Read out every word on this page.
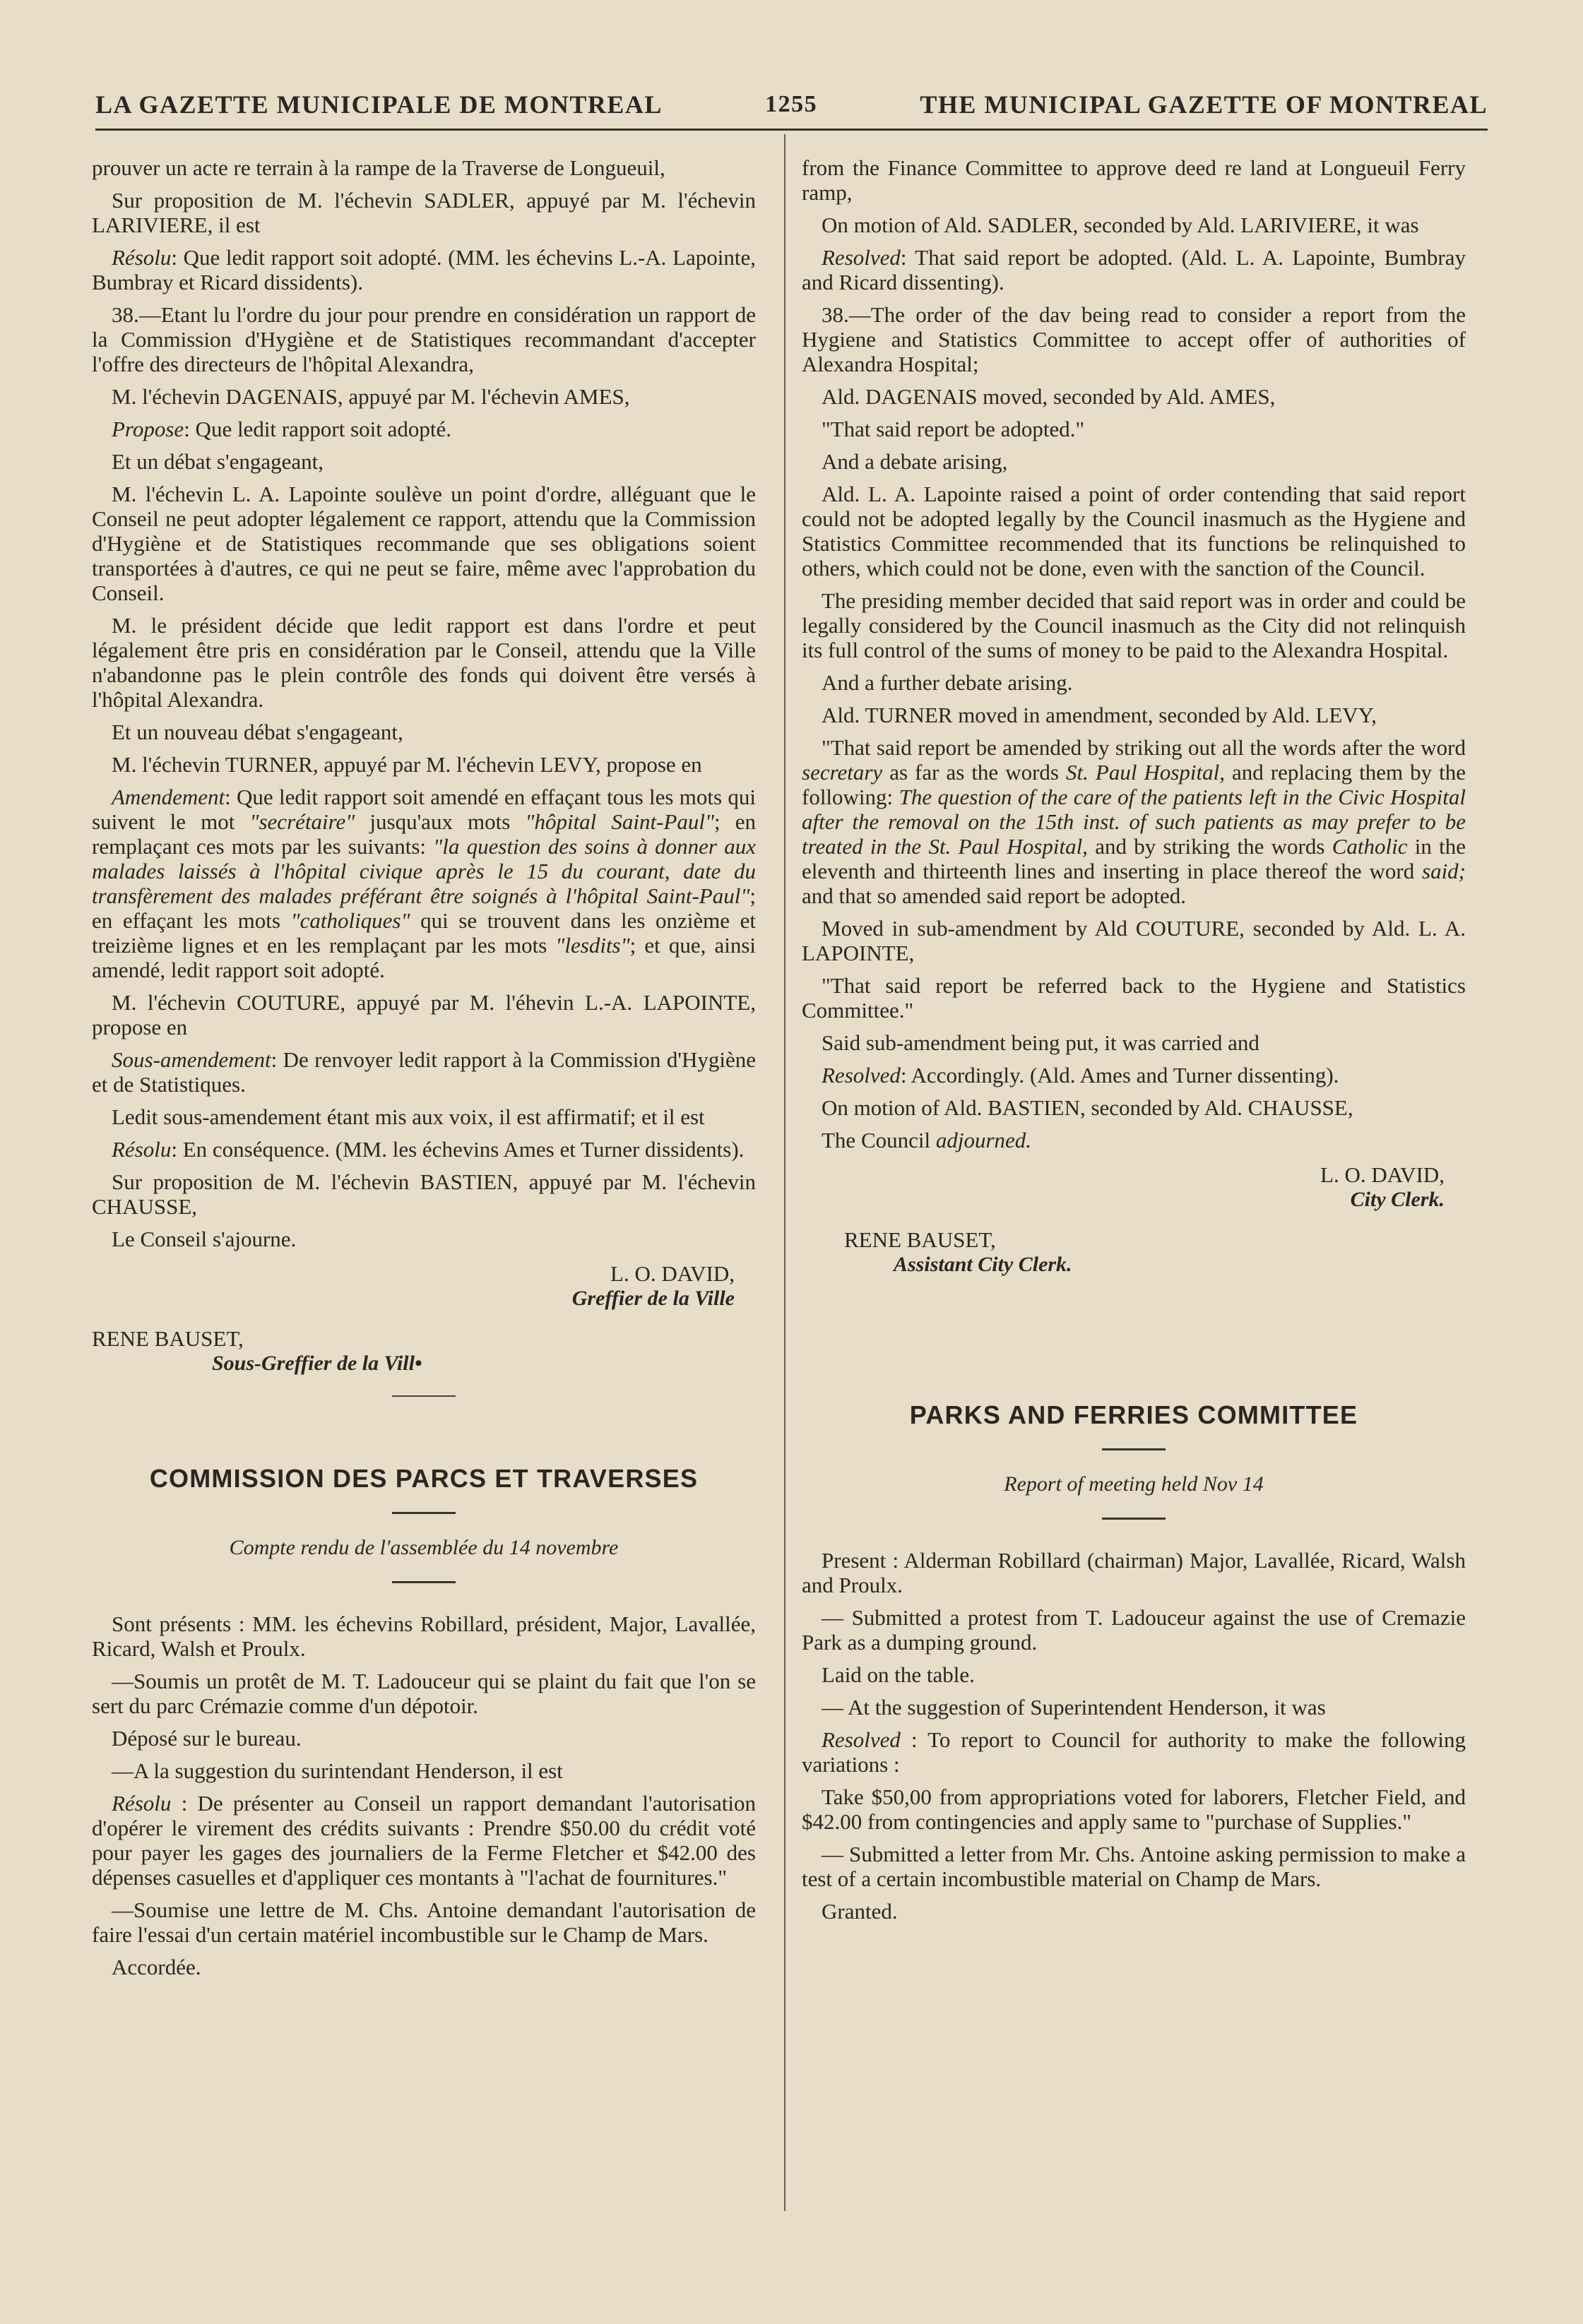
LA GAZETTE MUNICIPALE DE MONTREAL	1255	THE MUNICIPAL GAZETTE OF MONTREAL

prouver un acte re terrain à la rampe de la Traverse de Longueuil,

Sur proposition de M. l'échevin SADLER, appuyé par M. l'échevin LARIVIERE, il est

Résolu: Que ledit rapport soit adopté. (MM. les échevins L.-A. Lapointe, Bumbray et Ricard dissidents).

38.—Etant lu l'ordre du jour pour prendre en considération un rapport de la Commission d'Hygiène et de Statistiques recommandant d'accepter l'offre des directeurs de l'hôpital Alexandra,

M. l'échevin DAGENAIS, appuyé par M. l'échevin AMES,

Propose: Que ledit rapport soit adopté.

Et un débat s'engageant,

M. l'échevin L. A. Lapointe soulève un point d'ordre, alléguant que le Conseil ne peut adopter légalement ce rapport, attendu que la Commission d'Hygiène et de Statistiques recommande que ses obligations soient transportées à d'autres, ce qui ne peut se faire, même avec l'approbation du Conseil.

M. le président décide que ledit rapport est dans l'ordre et peut légalement être pris en considération par le Conseil, attendu que la Ville n'abandonne pas le plein contrôle des fonds qui doivent être versés à l'hôpital Alexandra.

Et un nouveau débat s'engageant,

M. l'échevin TURNER, appuyé par M. l'échevin LEVY, propose en

Amendement: Que ledit rapport soit amendé en effaçant tous les mots qui suivent le mot "secrétaire" jusqu'aux mots "hôpital Saint-Paul"; en remplaçant ces mots par les suivants: "la question des soins à donner aux malades laissés à l'hôpital civique après le 15 du courant, date du transfèrement des malades préférant être soignés à l'hôpital Saint-Paul"; en effaçant les mots "catholiques" qui se trouvent dans les onzième et treizième lignes et en les remplaçant par les mots "lesdits"; et que, ainsi amendé, ledit rapport soit adopté.

M. l'échevin COUTURE, appuyé par M. l'éhevin L.-A. LAPOINTE, propose en

Sous-amendement: De renvoyer ledit rapport à la Commission d'Hygiène et de Statistiques.

Ledit sous-amendement étant mis aux voix, il est affirmatif; et il est

Résolu: En conséquence. (MM. les échevins Ames et Turner dissidents).

Sur proposition de M. l'échevin BASTIEN, appuyé par M. l'échevin CHAUSSE,

Le Conseil s'ajourne.

L. O. DAVID,
Greffier de la Ville
RENE BAUSET,
Sous-Greffier de la Vill•
COMMISSION DES PARCS ET TRAVERSES
Compte rendu de l'assemblée du 14 novembre

Sont présents : MM. les échevins Robillard, président, Major, Lavallée, Ricard, Walsh et Proulx.

—Soumis un protêt de M. T. Ladouceur qui se plaint du fait que l'on se sert du parc Crémazie comme d'un dépotoir.

Déposé sur le bureau.

—A la suggestion du surintendant Henderson, il est

Résolu : De présenter au Conseil un rapport demandant l'autorisation d'opérer le virement des crédits suivants : Prendre $50.00 du crédit voté pour payer les gages des journaliers de la Ferme Fletcher et $42.00 des dépenses casuelles et d'appliquer ces montants à "l'achat de fournitures."

—Soumise une lettre de M. Chs. Antoine demandant l'autorisation de faire l'essai d'un certain matériel incombustible sur le Champ de Mars.

Accordée.

from the Finance Committee to approve deed re land at Longueuil Ferry ramp,

On motion of Ald. SADLER, seconded by Ald. LARIVIERE, it was

Resolved: That said report be adopted. (Ald. L. A. Lapointe, Bumbray and Ricard dissenting).

38.—The order of the dav being read to consider a report from the Hygiene and Statistics Committee to accept offer of authorities of Alexandra Hospital;

Ald. DAGENAIS moved, seconded by Ald. AMES,

"That said report be adopted."

And a debate arising,

Ald. L. A. Lapointe raised a point of order contending that said report could not be adopted legally by the Council inasmuch as the Hygiene and Statistics Committee recommended that its functions be relinquished to others, which could not be done, even with the sanction of the Council.

The presiding member decided that said report was in order and could be legally considered by the Council inasmuch as the City did not relinquish its full control of the sums of money to be paid to the Alexandra Hospital.

And a further debate arising.

Ald. TURNER moved in amendment, seconded by Ald. LEVY,

"That said report be amended by striking out all the words after the word secretary as far as the words St. Paul Hospital, and replacing them by the following: The question of the care of the patients left in the Civic Hospital after the removal on the 15th inst. of such patients as may prefer to be treated in the St. Paul Hospital, and by striking the words Catholic in the eleventh and thirteenth lines and inserting in place thereof the word said; and that so amended said report be adopted.

Moved in sub-amendment by Ald COUTURE, seconded by Ald. L. A. LAPOINTE,

"That said report be referred back to the Hygiene and Statistics Committee."

Said sub-amendment being put, it was carried and

Resolved: Accordingly. (Ald. Ames and Turner dissenting).

On motion of Ald. BASTIEN, seconded by Ald. CHAUSSE,

The Council adjourned.

L. O. DAVID,
City Clerk.
RENE BAUSET,
Assistant City Clerk.
PARKS AND FERRIES COMMITTEE
Report of meeting held Nov 14

Present : Alderman Robillard (chairman) Major, Lavallée, Ricard, Walsh and Proulx.

— Submitted a protest from T. Ladouceur against the use of Cremazie Park as a dumping ground.

Laid on the table.

— At the suggestion of Superintendent Henderson, it was

Resolved : To report to Council for authority to make the following variations :

Take $50,00 from appropriations voted for laborers, Fletcher Field, and $42.00 from contingencies and apply same to "purchase of Supplies."

— Submitted a letter from Mr. Chs. Antoine asking permission to make a test of a certain incombustible material on Champ de Mars.

Granted.
